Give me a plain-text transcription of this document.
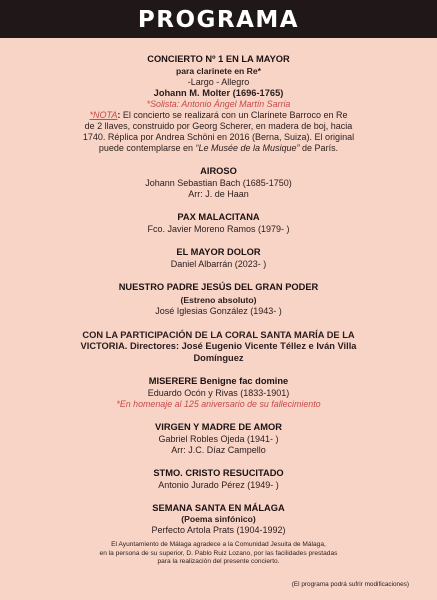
PROGRAMA
CONCIERTO Nº 1 EN LA MAYOR
para clarinete en Re*
-Largo - Allegro
Johann M. Molter (1696-1765)
*Solista: Antonio Ángel Martín Sarria
*NOTA: El concierto se realizará con un Clarinete Barroco en Re
de 2 llaves, construido por Georg Scherer, en madera de boj, hacia
1740. Réplica por Andrea Schöni en 2016 (Berna, Suiza). El original
puede contemplarse en “Le Musée de la Musique” de París.
AIROSO
Johann Sebastian Bach (1685-1750)
Arr: J. de Haan
PAX MALACITANA
Fco. Javier Moreno Ramos (1979- )
EL MAYOR DOLOR
Daniel Albarrán (2023- )
NUESTRO PADRE JESÚS DEL GRAN PODER
(Estreno absoluto)
José Iglesias González (1943- )
CON LA PARTICIPACIÓN DE LA CORAL SANTA MARÍA DE LA
VICTORIA. Directores: José Eugenio Vicente Téllez e Iván Villa
Domínguez
MISERERE Benigne fac domine
Eduardo Ocón y Rivas (1833-1901)
*En homenaje al 125 aniversario de su fallecimiento
VIRGEN Y MADRE DE AMOR
Gabriel Robles Ojeda (1941- )
Arr: J.C. Díaz Campello
STMO. CRISTO RESUCITADO
Antonio Jurado Pérez (1949- )
SEMANA SANTA EN MÁLAGA
(Poema sinfónico)
Perfecto Artola Prats (1904-1992)
El Ayuntamiento de Málaga agradece a la Comunidad Jesuita de Málaga,
en la persona de su superior, D. Pablo Ruiz Lozano, por las facilidades prestadas
para la realización del presente concierto.
(El programa podrá sufrir modificaciones)
